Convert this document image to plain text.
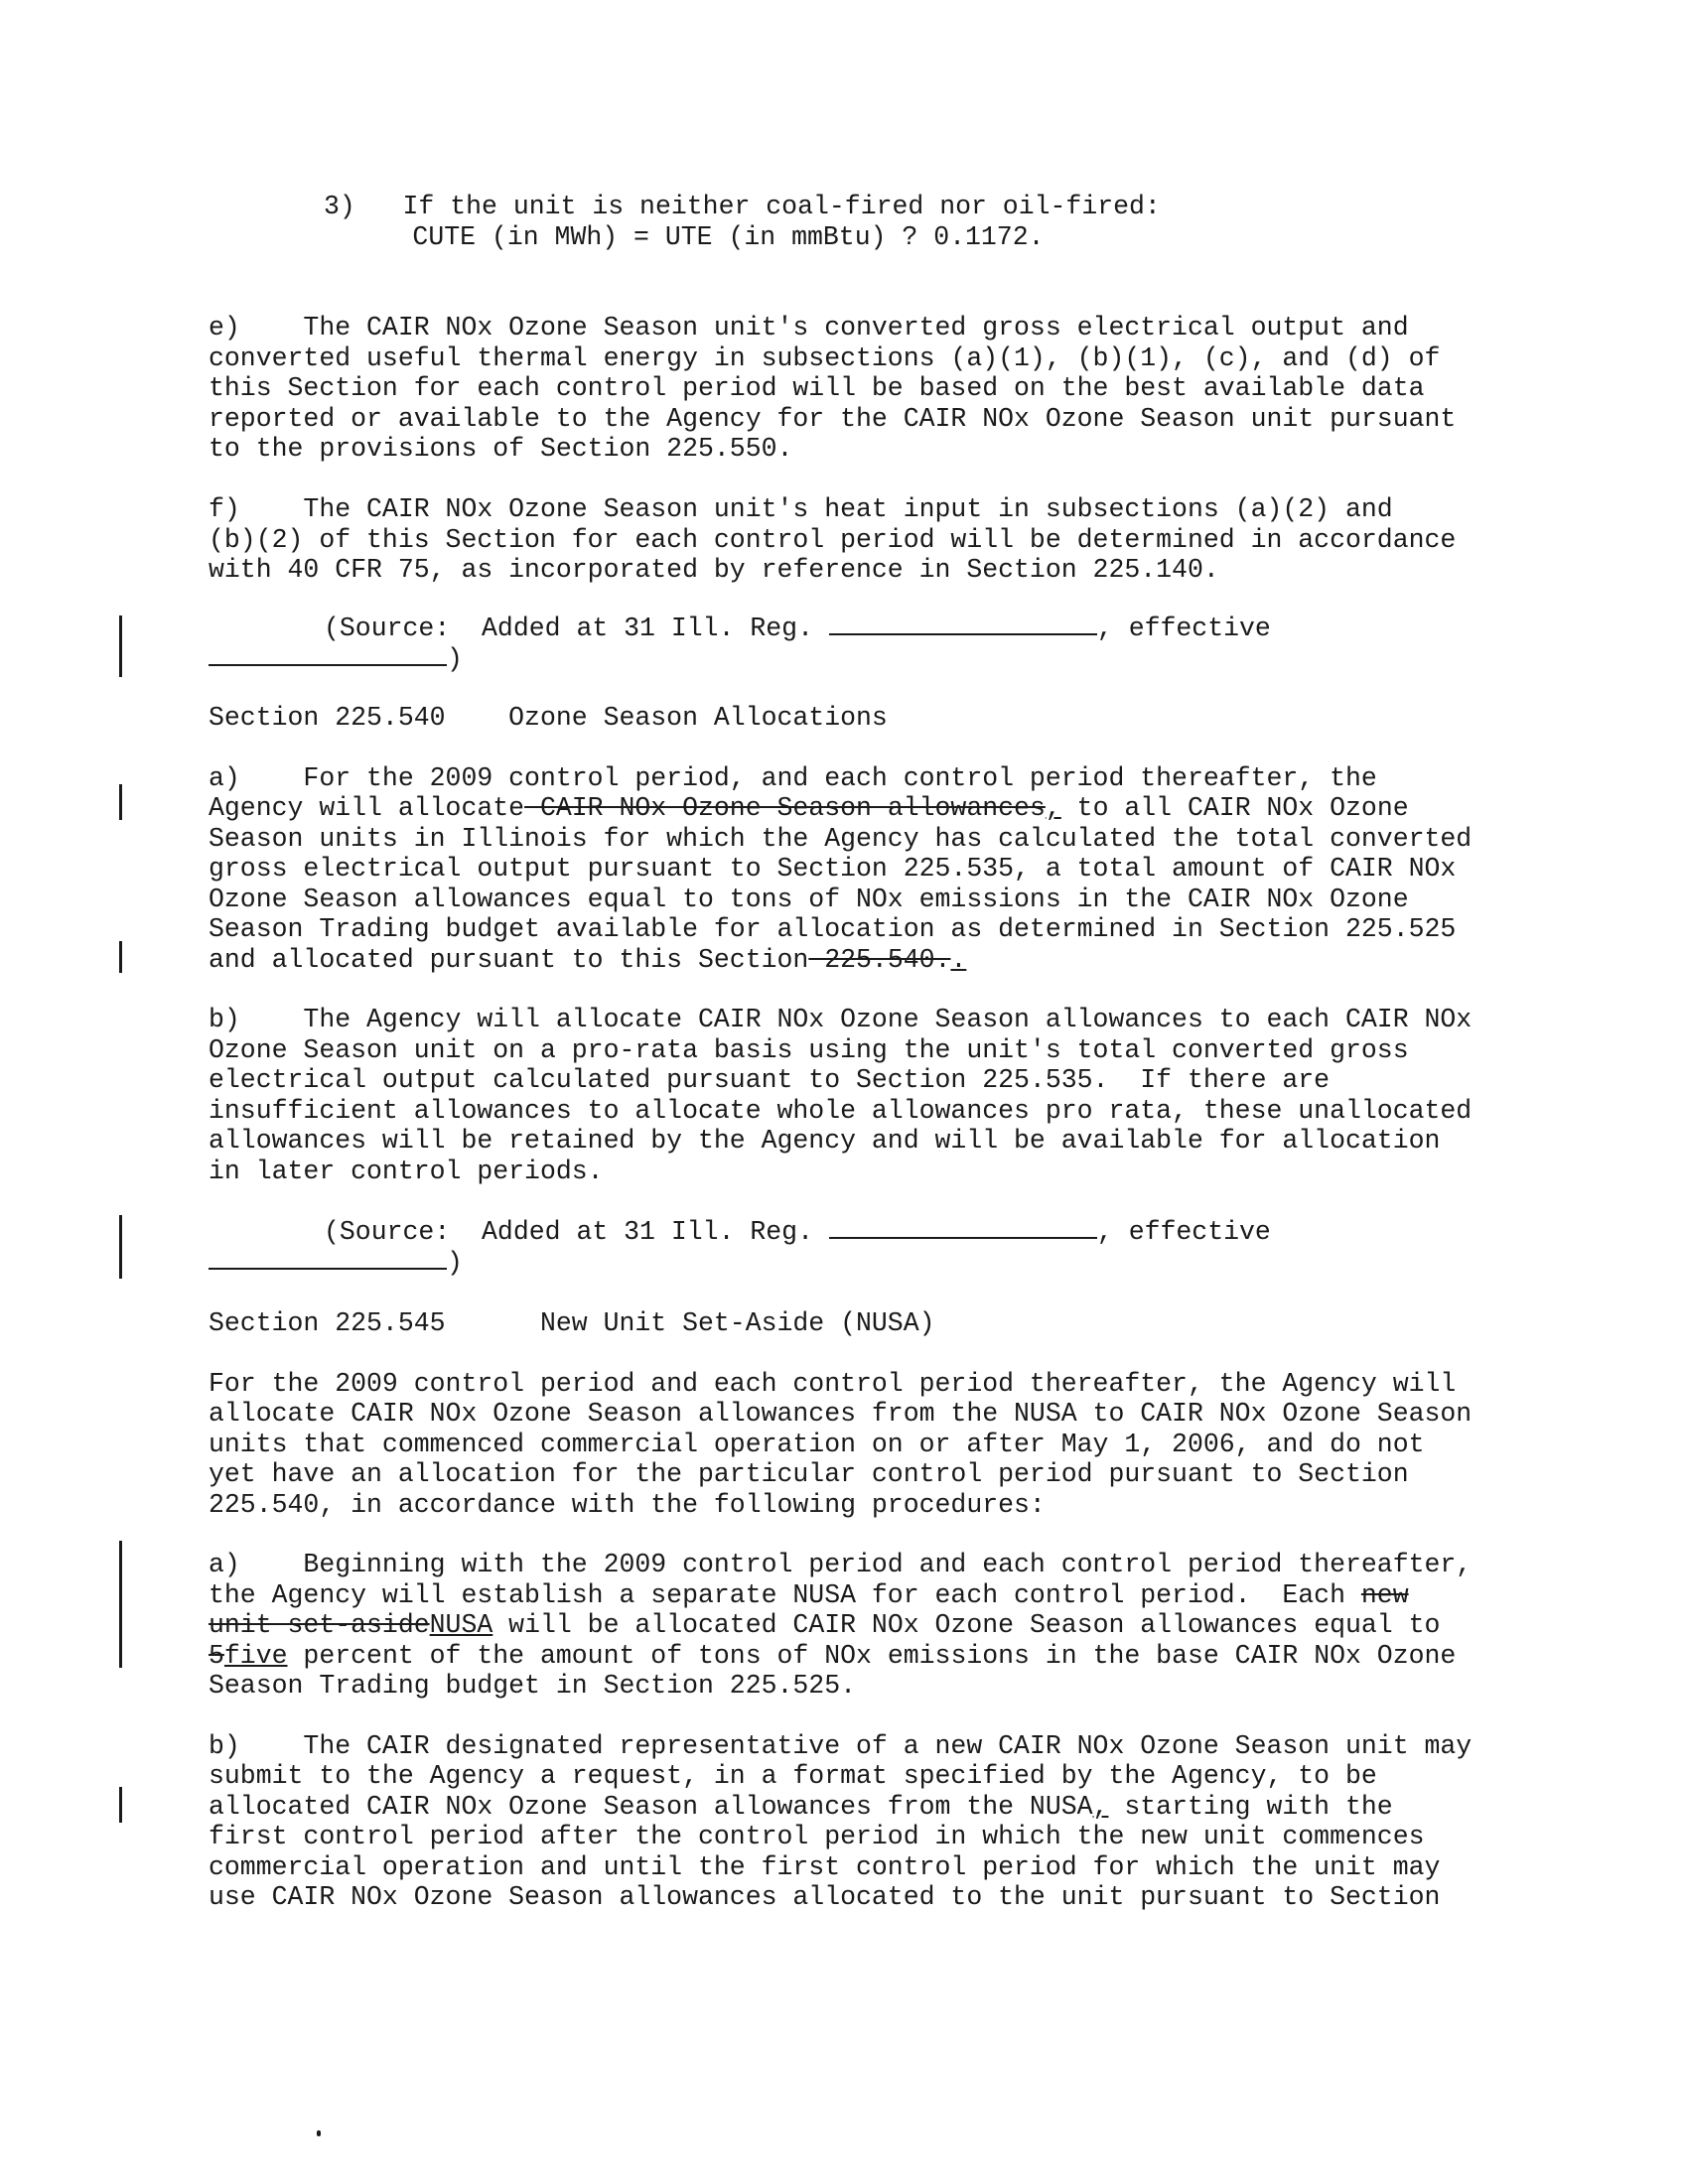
3)   If the unit is neither coal-fired nor oil-fired:

CUTE (in MWh) = UTE (in mmBtu) ? 0.1172.

e)    The CAIR NOx Ozone Season unit's converted gross electrical output and

converted useful thermal energy in subsections (a)(1), (b)(1), (c), and (d) of

this Section for each control period will be based on the best available data

reported or available to the Agency for the CAIR NOx Ozone Season unit pursuant

to the provisions of Section 225.550.

f)    The CAIR NOx Ozone Season unit's heat input in subsections (a)(2) and

(b)(2) of this Section for each control period will be determined in accordance

with 40 CFR 75, as incorporated by reference in Section 225.140.

(Source:  Added at 31 Ill. Reg.	, effective

)

Section 225.540    Ozone Season Allocations

a)    For the 2009 control period, and each control period thereafter, the

Agency will allocate CAIR NOx Ozone Season allowances, to all CAIR NOx Ozone

Season units in Illinois for which the Agency has calculated the total converted

gross electrical output pursuant to Section 225.535, a total amount of CAIR NOx

Ozone Season allowances equal to tons of NOx emissions in the CAIR NOx Ozone

Season Trading budget available for allocation as determined in Section 225.525

and allocated pursuant to this Section 225.540..

b)    The Agency will allocate CAIR NOx Ozone Season allowances to each CAIR NOx

Ozone Season unit on a pro-rata basis using the unit's total converted gross

electrical output calculated pursuant to Section 225.535.  If there are

insufficient allowances to allocate whole allowances pro rata, these unallocated

allowances will be retained by the Agency and will be available for allocation

in later control periods.

(Source:  Added at 31 Ill. Reg.	, effective

)

Section 225.545      New Unit Set-Aside (NUSA)

For the 2009 control period and each control period thereafter, the Agency will

allocate CAIR NOx Ozone Season allowances from the NUSA to CAIR NOx Ozone Season

units that commenced commercial operation on or after May 1, 2006, and do not

yet have an allocation for the particular control period pursuant to Section

225.540, in accordance with the following procedures:

a)    Beginning with the 2009 control period and each control period thereafter,

the Agency will establish a separate NUSA for each control period.  Each new

unit set-asideNUSA will be allocated CAIR NOx Ozone Season allowances equal to

5five percent of the amount of tons of NOx emissions in the base CAIR NOx Ozone

Season Trading budget in Section 225.525.

b)    The CAIR designated representative of a new CAIR NOx Ozone Season unit may

submit to the Agency a request, in a format specified by the Agency, to be

allocated CAIR NOx Ozone Season allowances from the NUSA, starting with the

first control period after the control period in which the new unit commences

commercial operation and until the first control period for which the unit may

use CAIR NOx Ozone Season allowances allocated to the unit pursuant to Section
